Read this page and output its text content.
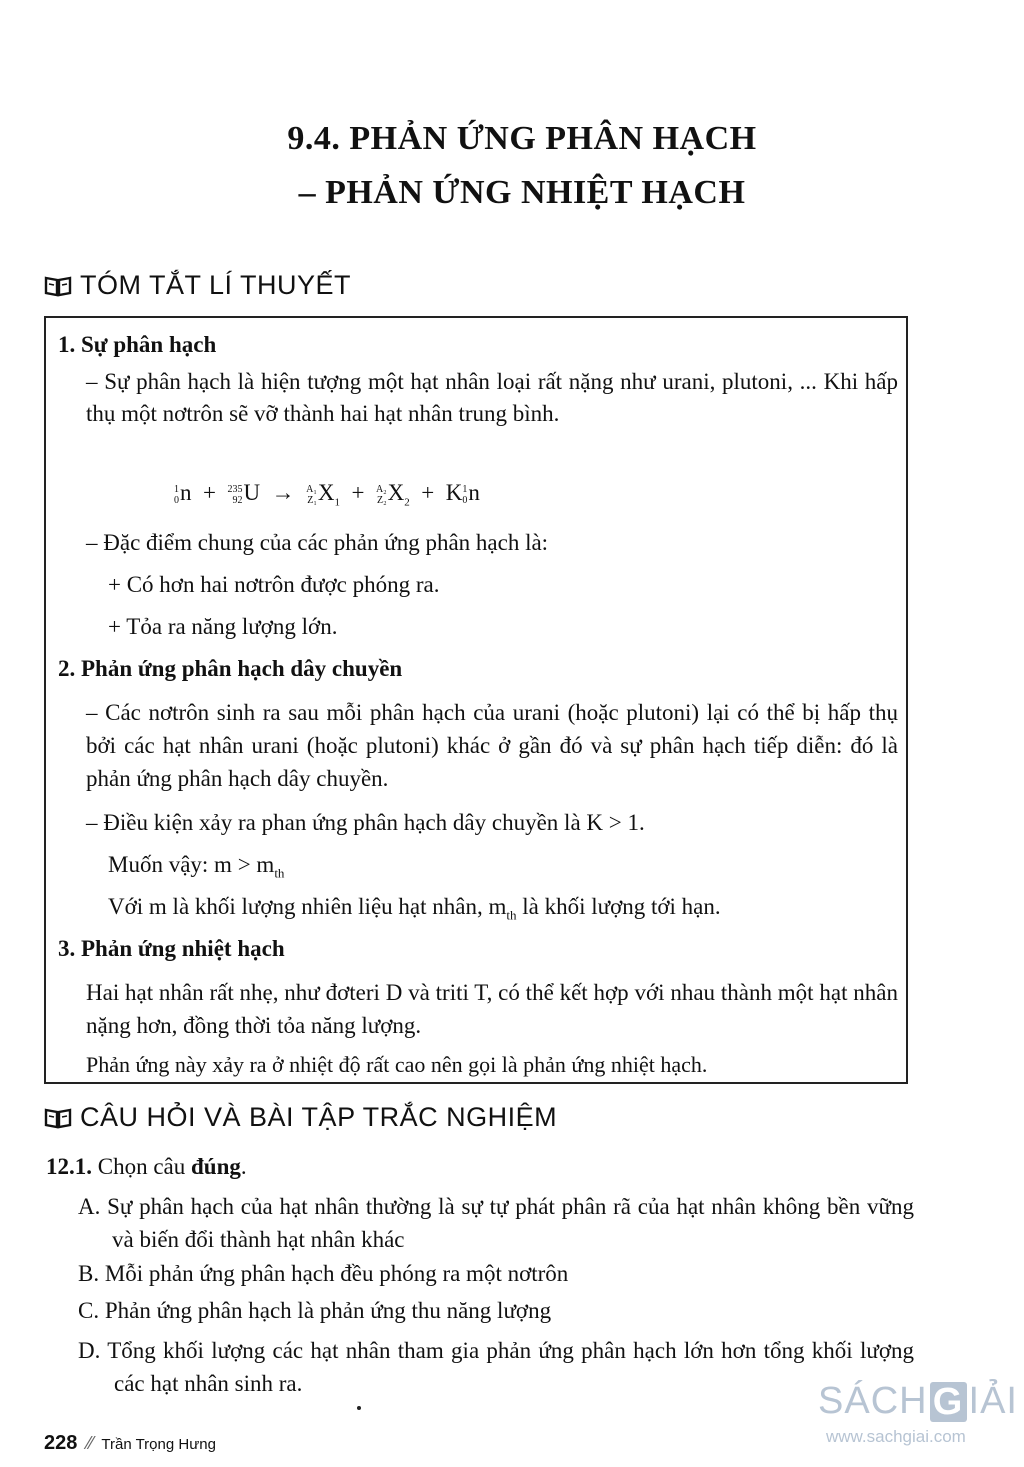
9.4. PHẢN ỨNG PHÂN HẠCH
– PHẢN ỨNG NHIỆT HẠCH
TÓM TẮT LÍ THUYẾT
1. Sự phân hạch
– Sự phân hạch là hiện tượng một hạt nhân loại rất nặng như urani, plutoni, ... Khi hấp thụ một nơtrôn sẽ vỡ thành hai hạt nhân trung bình.
1
0 n + 235
92 U → A₁
Z₁ $X_1 + A_2$
Z₂ $X_2 + K$ 1
0 n
– Đặc điểm chung của các phản ứng phân hạch là:
+ Có hơn hai nơtrôn được phóng ra.
+ Tỏa ra năng lượng lớn.
2. Phản ứng phân hạch dây chuyền
– Các nơtrôn sinh ra sau mỗi phân hạch của urani (hoặc plutoni) lại có thể bị hấp thụ bởi các hạt nhân urani (hoặc plutoni) khác ở gần đó và sự phân hạch tiếp diễn: đó là phản ứng phân hạch dây chuyền.
– Điều kiện xảy ra phan ứng phân hạch dây chuyền là K > 1.
Muốn vậy: $m > m_{th}$
Với m là khối lượng nhiên liệu hạt nhân, $m_{th}$ là khối lượng tới hạn.
3. Phản ứng nhiệt hạch
Hai hạt nhân rất nhẹ, như đơteri D và triti T, có thể kết hợp với nhau thành một hạt nhân nặng hơn, đồng thời tỏa năng lượng.
Phản ứng này xảy ra ở nhiệt độ rất cao nên gọi là phản ứng nhiệt hạch.
CÂU HỎI VÀ BÀI TẬP TRẮC NGHIỆM
12.1. Chọn câu đúng.
A. Sự phân hạch của hạt nhân thường là sự tự phát phân rã của hạt nhân không bền vững và biến đổi thành hạt nhân khác
B. Mỗi phản ứng phân hạch đều phóng ra một nơtrôn
C. Phản ứng phân hạch là phản ứng thu năng lượng
D. Tổng khối lượng các hạt nhân tham gia phản ứng phân hạch lớn hơn tổng khối lượng các hạt nhân sinh ra.
228 ⁄⁄ Trần Trọng Hưng
SÁCH G IẢI
www.sachgiai.com
